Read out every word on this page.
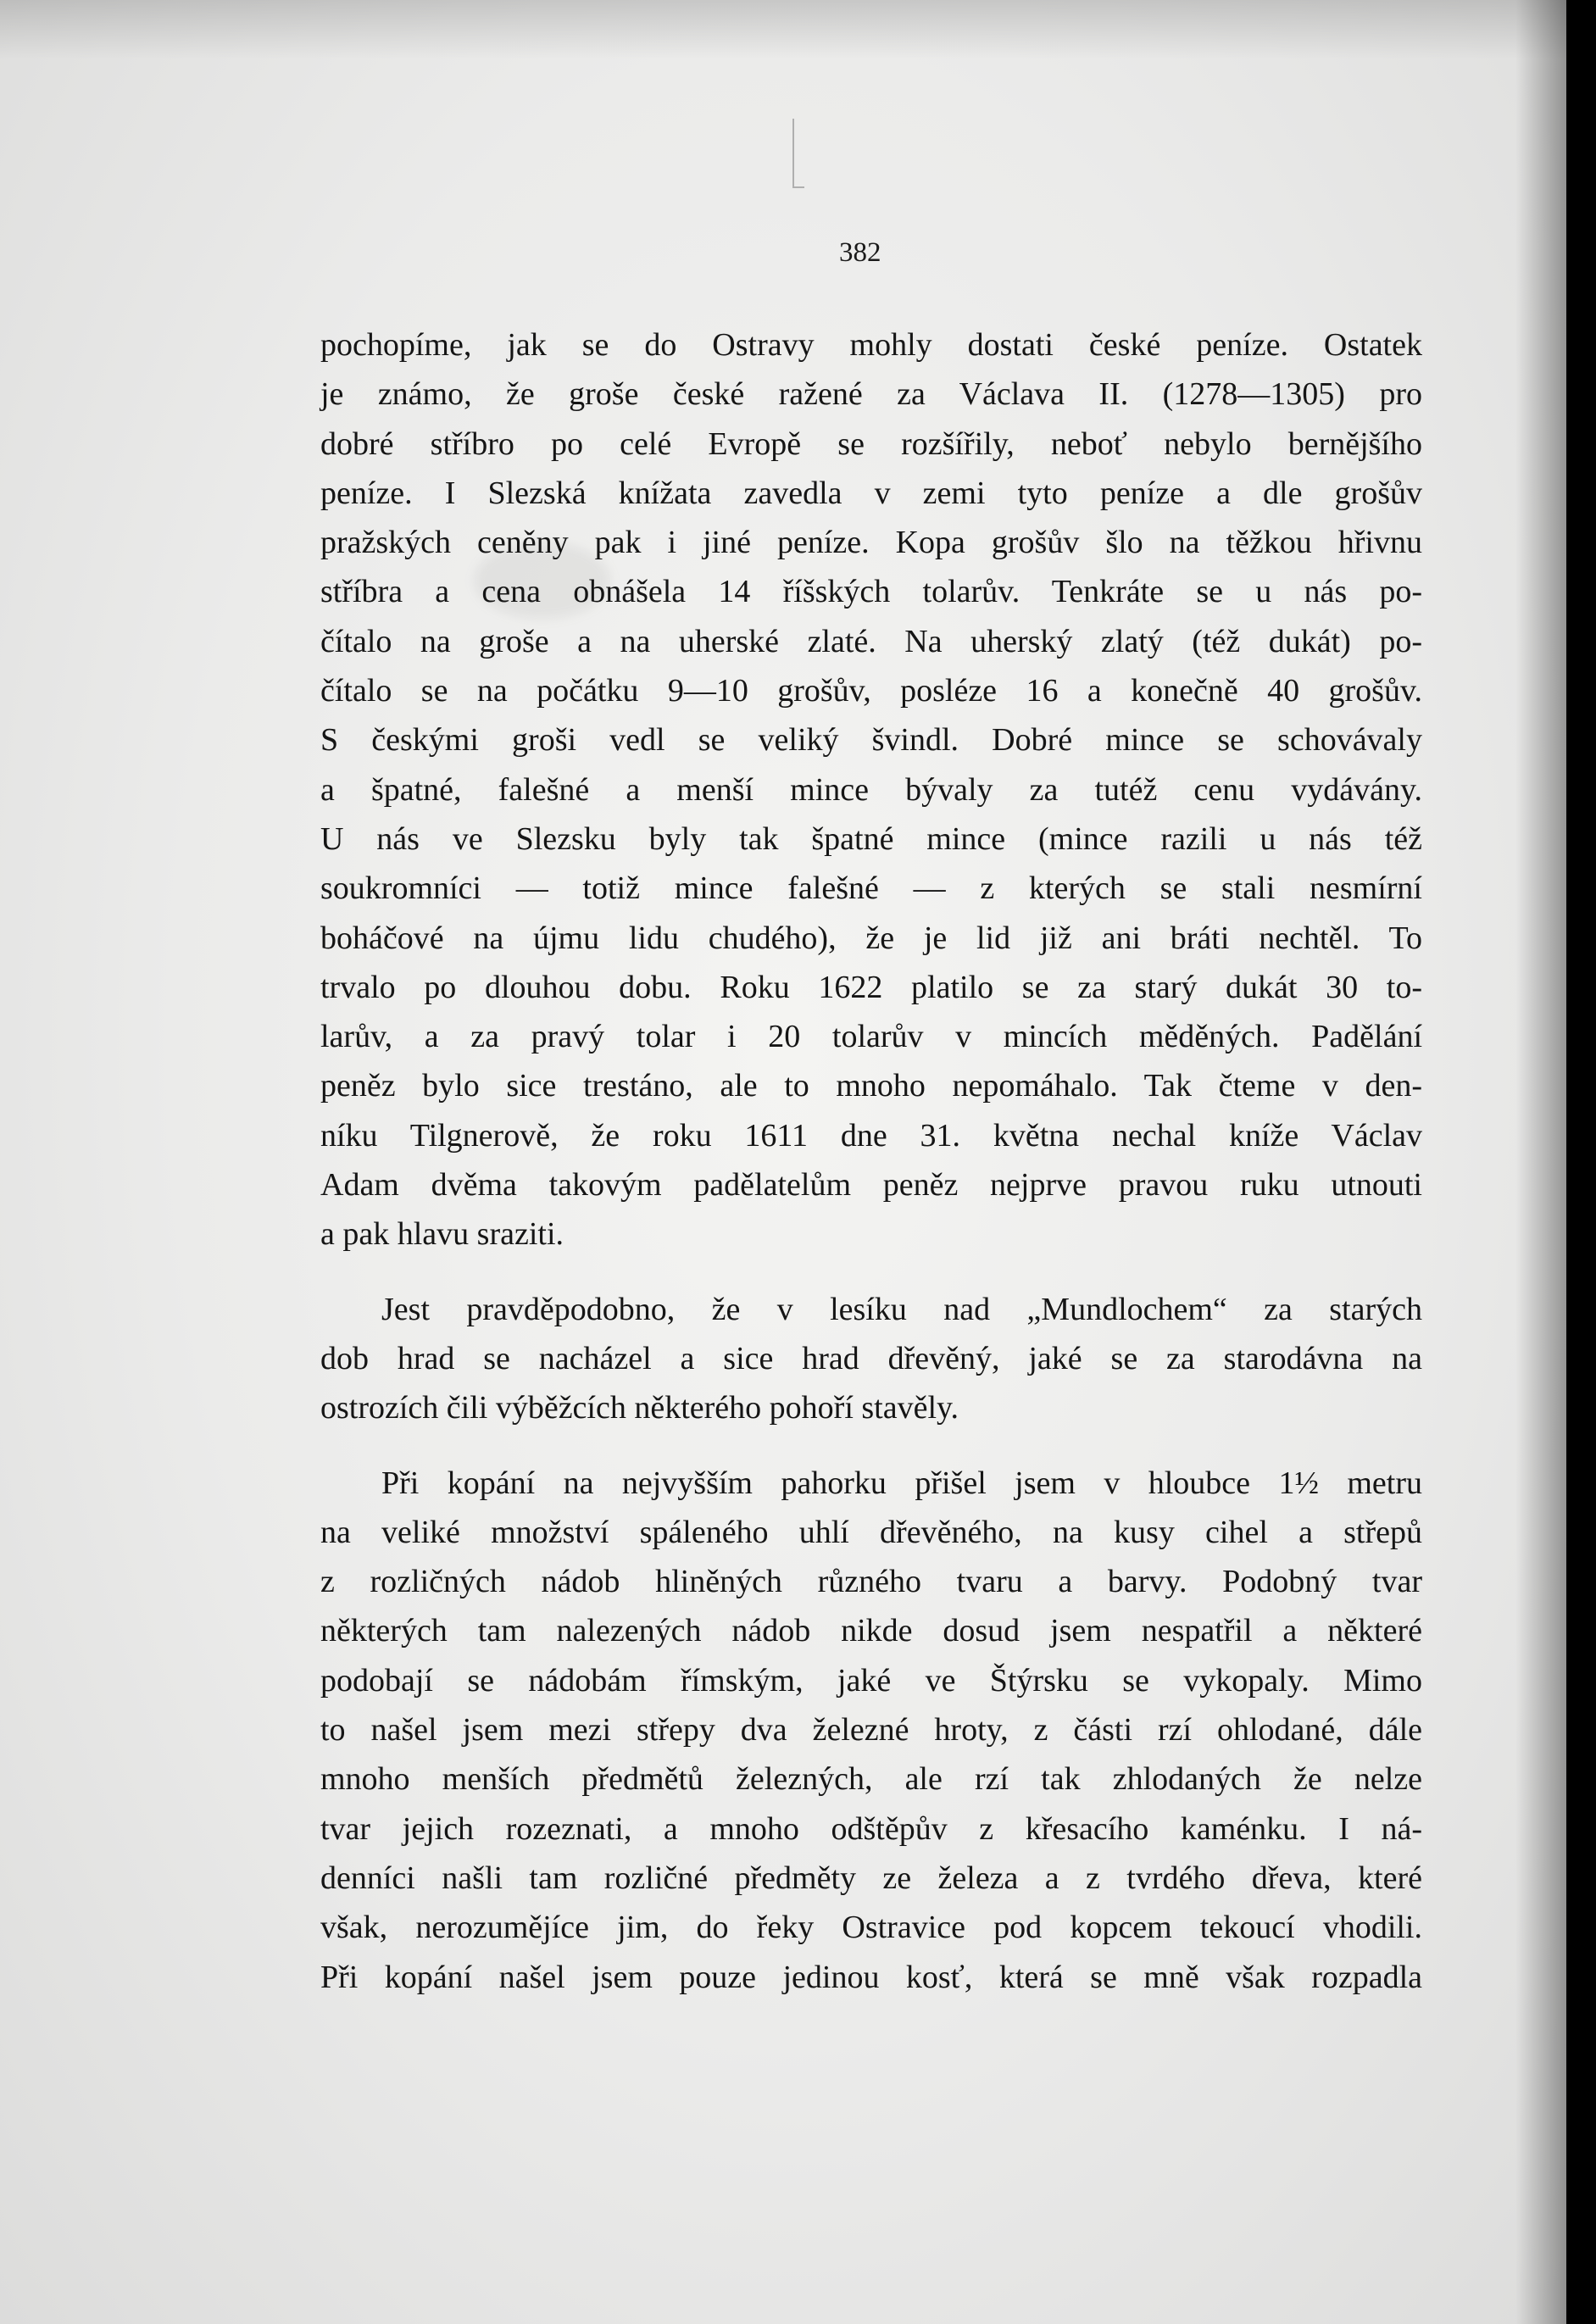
382

pochopíme, jak se do Ostravy mohly dostati české peníze. Ostatek
je známo, že groše české ražené za Václava II. (1278—1305) pro
dobré stříbro po celé Evropě se rozšířily, neboť nebylo bernějšího
peníze. I Slezská knížata zavedla v zemi tyto peníze a dle grošův
pražských ceněny pak i jiné peníze. Kopa grošův šlo na těžkou hřivnu
stříbra a cena obnášela 14 říšských tolarův. Tenkráte se u nás po-
čítalo na groše a na uherské zlaté. Na uherský zlatý (též dukát) po-
čítalo se na počátku 9—10 grošův, posléze 16 a konečně 40 grošův.
S českými groši vedl se veliký švindl. Dobré mince se schovávaly
a špatné, falešné a menší mince bývaly za tutéž cenu vydávány.
U nás ve Slezsku byly tak špatné mince (mince razili u nás též
soukromníci — totiž mince falešné — z kterých se stali nesmírní
boháčové na újmu lidu chudého), že je lid již ani bráti nechtěl. To
trvalo po dlouhou dobu. Roku 1622 platilo se za starý dukát 30 to-
larův, a za pravý tolar i 20 tolarův v mincích měděných. Padělání
peněz bylo sice trestáno, ale to mnoho nepomáhalo. Tak čteme v den-
níku Tilgnerově, že roku 1611 dne 31. května nechal kníže Václav
Adam dvěma takovým padělatelům peněz nejprve pravou ruku utnouti
a pak hlavu sraziti.

Jest pravděpodobno, že v lesíku nad „Mundlochem“ za starých
dob hrad se nacházel a sice hrad dřevěný, jaké se za starodávna na
ostrozích čili výběžcích některého pohoří stavěly.

Při kopání na nejvyšším pahorku přišel jsem v hloubce 1½ metru
na veliké množství spáleného uhlí dřevěného, na kusy cihel a střepů
z rozličných nádob hliněných různého tvaru a barvy. Podobný tvar
některých tam nalezených nádob nikde dosud jsem nespatřil a některé
podobají se nádobám římským, jaké ve Štýrsku se vykopaly. Mimo
to našel jsem mezi střepy dva železné hroty, z části rzí ohlodané, dále
mnoho menších předmětů železných, ale rzí tak zhlodaných že nelze
tvar jejich rozeznati, a mnoho odštěpův z křesacího kaménku. I ná-
denníci našli tam rozličné předměty ze železa a z tvrdého dřeva, které
však, nerozumějíce jim, do řeky Ostravice pod kopcem tekoucí vhodili.
Při kopání našel jsem pouze jedinou kosť, která se mně však rozpadla
